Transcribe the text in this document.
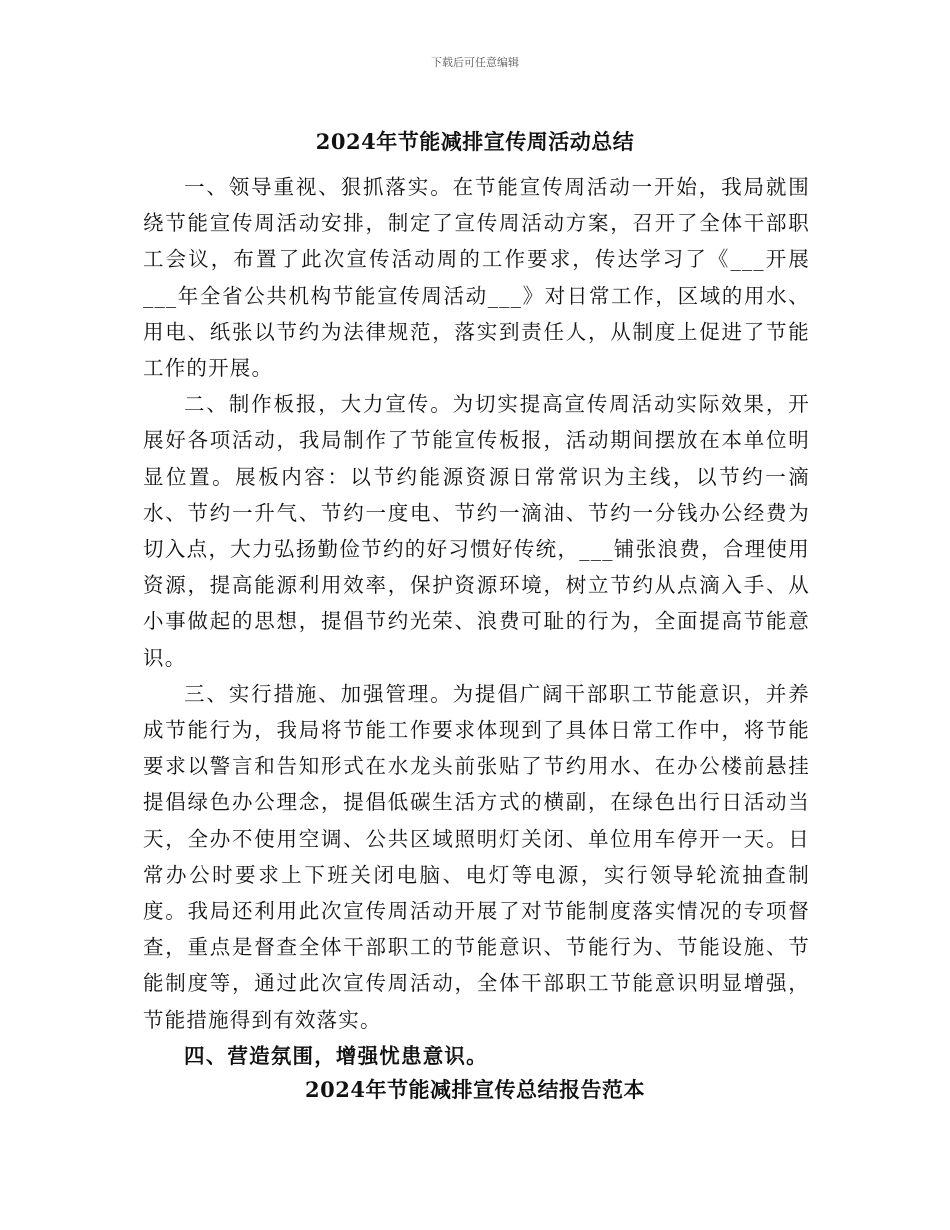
下载后可任意编辑
2024年节能减排宣传周活动总结

一、领导重视、狠抓落实。在节能宣传周活动一开始，我局就围绕节能宣传周活动安排，制定了宣传周活动方案，召开了全体干部职工会议，布置了此次宣传活动周的工作要求，传达学习了《___开展___年全省公共机构节能宣传周活动___》对日常工作，区域的用水、用电、纸张以节约为法律规范，落实到责任人，从制度上促进了节能工作的开展。

二、制作板报，大力宣传。为切实提高宣传周活动实际效果，开展好各项活动，我局制作了节能宣传板报，活动期间摆放在本单位明显位置。展板内容：以节约能源资源日常常识为主线，以节约一滴水、节约一升气、节约一度电、节约一滴油、节约一分钱办公经费为切入点，大力弘扬勤俭节约的好习惯好传统，___铺张浪费，合理使用资源，提高能源利用效率，保护资源环境，树立节约从点滴入手、从小事做起的思想，提倡节约光荣、浪费可耻的行为，全面提高节能意识。

三、实行措施、加强管理。为提倡广阔干部职工节能意识，并养成节能行为，我局将节能工作要求体现到了具体日常工作中，将节能要求以警言和告知形式在水龙头前张贴了节约用水、在办公楼前悬挂提倡绿色办公理念，提倡低碳生活方式的横副，在绿色出行日活动当天，全办不使用空调、公共区域照明灯关闭、单位用车停开一天。日常办公时要求上下班关闭电脑、电灯等电源，实行领导轮流抽查制度。我局还利用此次宣传周活动开展了对节能制度落实情况的专项督查，重点是督查全体干部职工的节能意识、节能行为、节能设施、节能制度等，通过此次宣传周活动，全体干部职工节能意识明显增强，节能措施得到有效落实。

四、营造氛围，增强忧患意识。

2024年节能减排宣传总结报告范本
